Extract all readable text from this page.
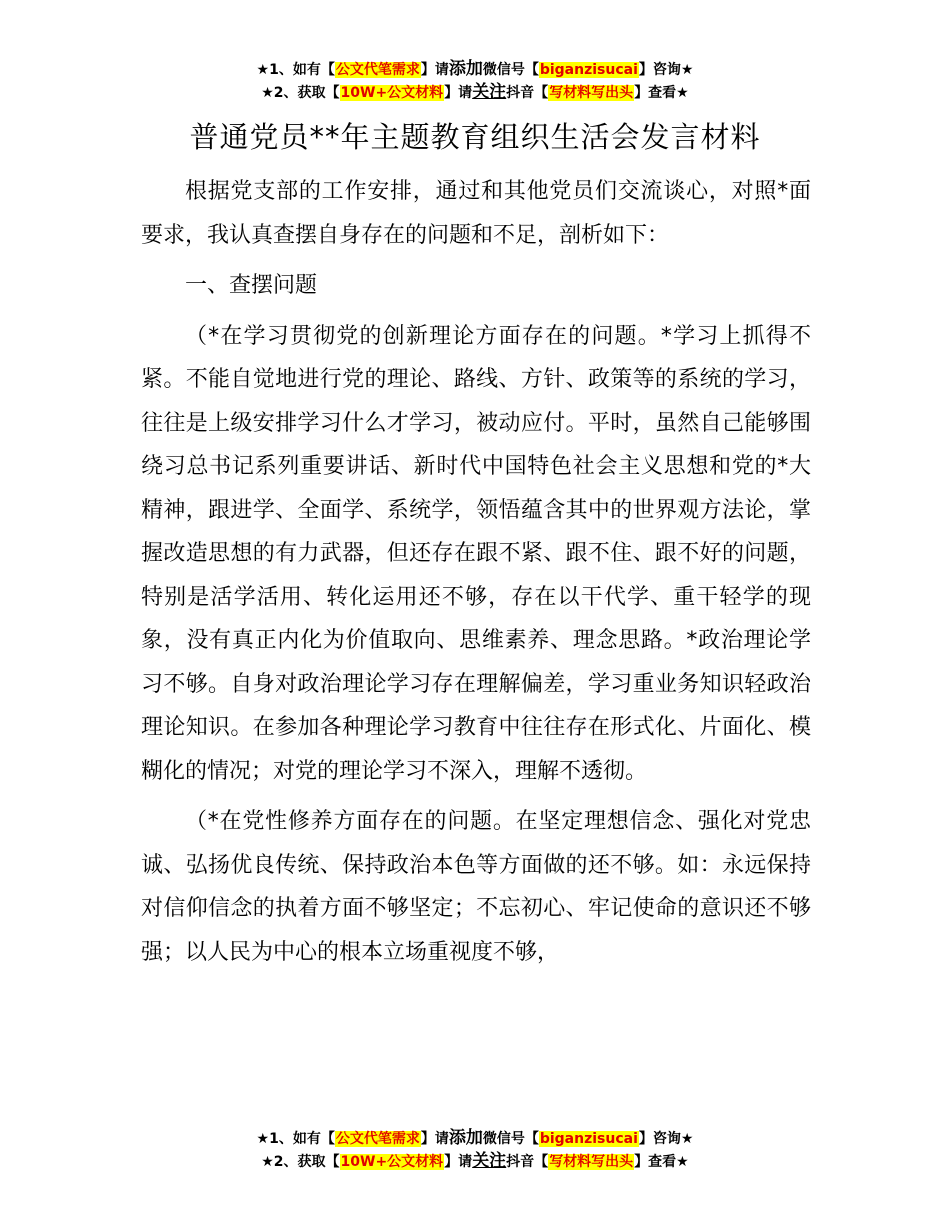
★1、如有【公文代笔需求】请添加微信号【biganzisucai】咨询★
★2、获取【10W+公文材料】请关注抖音【写材料写出头】查看★
普通党员**年主题教育组织生活会发言材料

根据党支部的工作安排，通过和其他党员们交流谈心，对照*面要求，我认真查摆自身存在的问题和不足，剖析如下：

一、查摆问题

（*在学习贯彻党的创新理论方面存在的问题。*学习上抓得不紧。不能自觉地进行党的理论、路线、方针、政策等的系统的学习，往往是上级安排学习什么才学习，被动应付。平时，虽然自己能够围绕习总书记系列重要讲话、新时代中国特色社会主义思想和党的*大精神，跟进学、全面学、系统学，领悟蕴含其中的世界观方法论，掌握改造思想的有力武器，但还存在跟不紧、跟不住、跟不好的问题，特别是活学活用、转化运用还不够，存在以干代学、重干轻学的现象，没有真正内化为价值取向、思维素养、理念思路。*政治理论学习不够。自身对政治理论学习存在理解偏差，学习重业务知识轻政治理论知识。在参加各种理论学习教育中往往存在形式化、片面化、模糊化的情况；对党的理论学习不深入，理解不透彻。

（*在党性修养方面存在的问题。在坚定理想信念、强化对党忠诚、弘扬优良传统、保持政治本色等方面做的还不够。如：永远保持对信仰信念的执着方面不够坚定；不忘初心、牢记使命的意识还不够强；以人民为中心的根本立场重视度不够，

★1、如有【公文代笔需求】请添加微信号【biganzisucai】咨询★
★2、获取【10W+公文材料】请关注抖音【写材料写出头】查看★
